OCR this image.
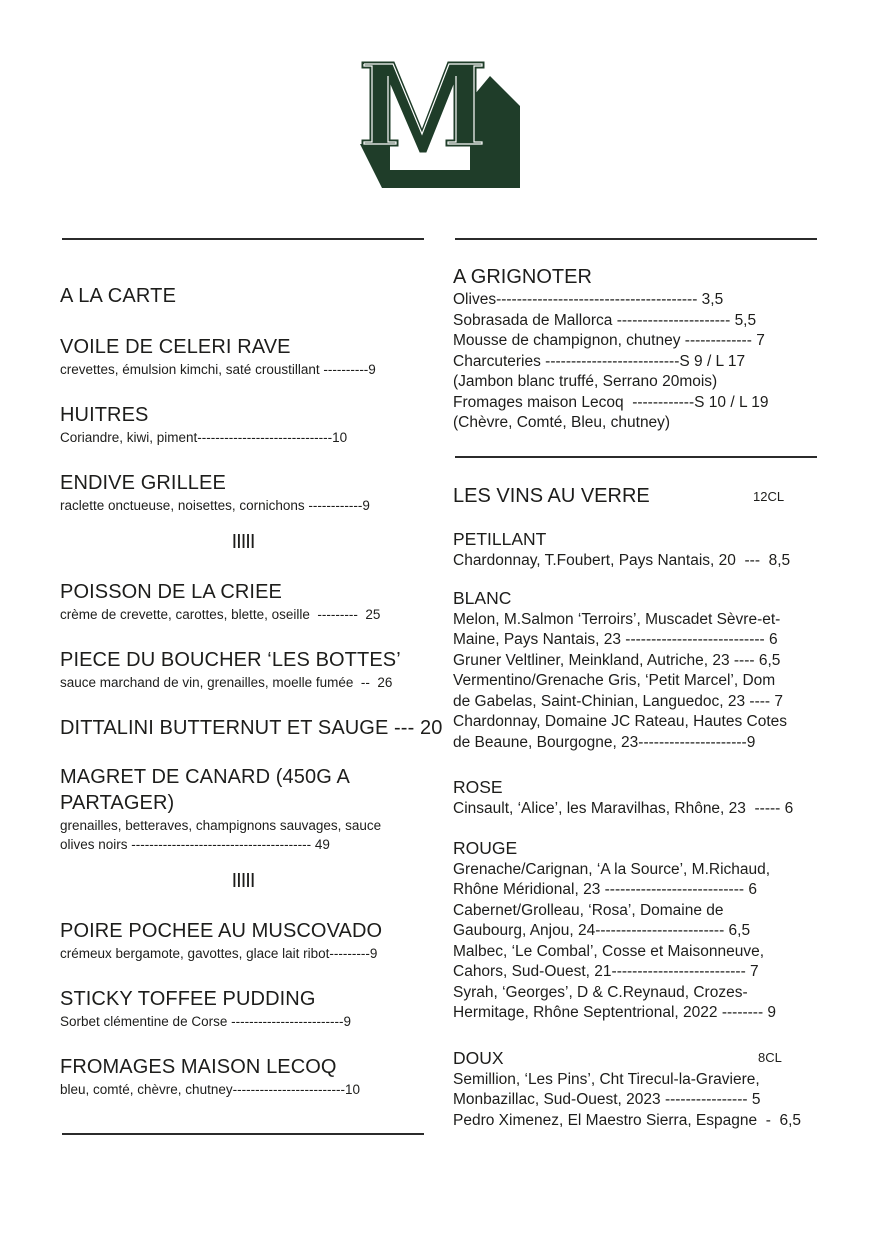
A LA CARTE
VOILE DE CELERI RAVE
crevettes, émulsion kimchi, saté croustillant ----------9
HUITRES
Coriandre, kiwi, piment------------------------------10
ENDIVE GRILLEE
raclette onctueuse, noisettes, cornichons ------------9
IIIII
POISSON DE LA CRIEE
crème de crevette, carottes, blette, oseille  ---------  25
PIECE DU BOUCHER ‘LES BOTTES’
sauce marchand de vin, grenailles, moelle fumée  --  26
DITTALINI BUTTERNUT ET SAUGE --- 20
MAGRET DE CANARD (450G A
PARTAGER)
grenailles, betteraves, champignons sauvages, sauce
olives noirs ---------------------------------------- 49
IIIII
POIRE POCHEE AU MUSCOVADO
crémeux bergamote, gavottes, glace lait ribot---------9
STICKY TOFFEE PUDDING
Sorbet clémentine de Corse -------------------------9
FROMAGES MAISON LECOQ
bleu, comté, chèvre, chutney-------------------------10
A GRIGNOTER
Olives--------------------------------------- 3,5
Sobrasada de Mallorca ---------------------- 5,5
Mousse de champignon, chutney ------------- 7
Charcuteries --------------------------S 9 / L 17
(Jambon blanc truffé, Serrano 20mois)
Fromages maison Lecoq  ------------S 10 / L 19
(Chèvre, Comté, Bleu, chutney)
LES VINS AU VERRE	12CL
PETILLANT
Chardonnay, T.Foubert, Pays Nantais, 20  ---  8,5
BLANC
Melon, M.Salmon ‘Terroirs’, Muscadet Sèvre-et-
Maine, Pays Nantais, 23 --------------------------- 6
Gruner Veltliner, Meinkland, Autriche, 23 ---- 6,5
Vermentino/Grenache Gris, ‘Petit Marcel’, Dom
de Gabelas, Saint-Chinian, Languedoc, 23 ---- 7
Chardonnay, Domaine JC Rateau, Hautes Cotes
de Beaune, Bourgogne, 23---------------------9
ROSE
Cinsault, ‘Alice’, les Maravilhas, Rhône, 23  ----- 6
ROUGE
Grenache/Carignan, ‘A la Source’, M.Richaud,
Rhône Méridional, 23 --------------------------- 6
Cabernet/Grolleau, ‘Rosa’, Domaine de
Gaubourg, Anjou, 24------------------------- 6,5
Malbec, ‘Le Combal’, Cosse et Maisonneuve,
Cahors, Sud-Ouest, 21-------------------------- 7
Syrah, ‘Georges’, D & C.Reynaud, Crozes-
Hermitage, Rhône Septentrional, 2022 -------- 9
DOUX	8CL
Semillion, ‘Les Pins’, Cht Tirecul-la-Graviere,
Monbazillac, Sud-Ouest, 2023 ---------------- 5
Pedro Ximenez, El Maestro Sierra, Espagne  -  6,5
